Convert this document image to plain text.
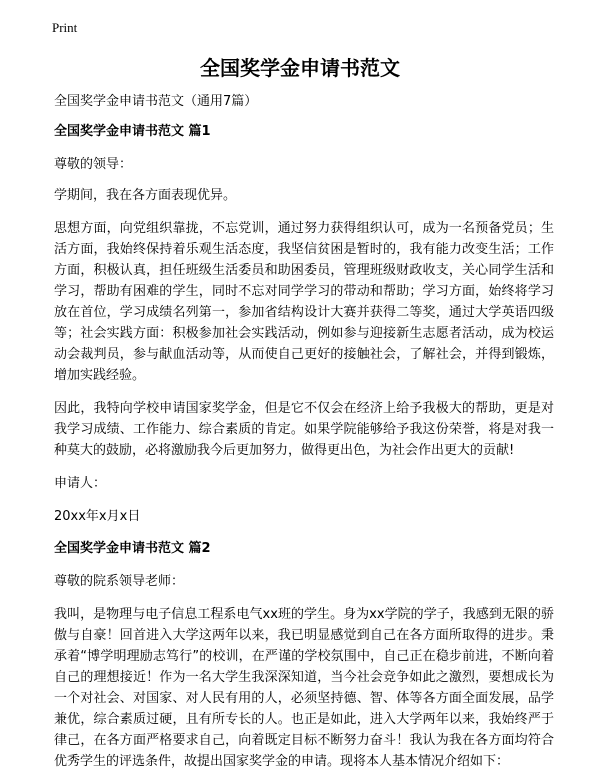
Print
全国奖学金申请书范文
全国奖学金申请书范文（通用7篇）
全国奖学金申请书范文 篇1

尊敬的领导：

学期间，我在各方面表现优异。

思想方面，向党组织靠拢，不忘党训，通过努力获得组织认可，成为一名预备党员；生活方面，我始终保持着乐观生活态度，我坚信贫困是暂时的，我有能力改变生活；工作方面，积极认真，担任班级生活委员和助困委员，管理班级财政收支，关心同学生活和学习，帮助有困难的学生，同时不忘对同学学习的带动和帮助；学习方面，始终将学习放在首位，学习成绩名列第一，参加省结构设计大赛并获得二等奖，通过大学英语四级等；社会实践方面：积极参加社会实践活动，例如参与迎接新生志愿者活动，成为校运动会裁判员，参与献血活动等，从而使自己更好的接触社会，了解社会，并得到锻炼，增加实践经验。

因此，我特向学校申请国家奖学金，但是它不仅会在经济上给予我极大的帮助，更是对我学习成绩、工作能力、综合素质的肯定。如果学院能够给予我这份荣誉，将是对我一种莫大的鼓励，必将激励我今后更加努力，做得更出色，为社会作出更大的贡献!

申请人：

20xx年x月x日

全国奖学金申请书范文 篇2

尊敬的院系领导老师：

我叫，是物理与电子信息工程系电气xx班的学生。身为xx学院的学子，我感到无限的骄傲与自豪！回首进入大学这两年以来，我已明显感觉到自己在各方面所取得的进步。秉承着“博学明理励志笃行”的校训，在严谨的学校氛围中，自己正在稳步前进，不断向着自己的理想接近！作为一名大学生我深深知道，当今社会竞争如此之激烈，要想成长为一个对社会、对国家、对人民有用的人，必须坚持德、智、体等各方面全面发展，品学兼优，综合素质过硬，且有所专长的人。也正是如此，进入大学两年以来，我始终严于律己，在各方面严格要求自己，向着既定目标不断努力奋斗！我认为我在各方面均符合优秀学生的评选条件，故提出国家奖学金的申请。现将本人基本情况介绍如下：
